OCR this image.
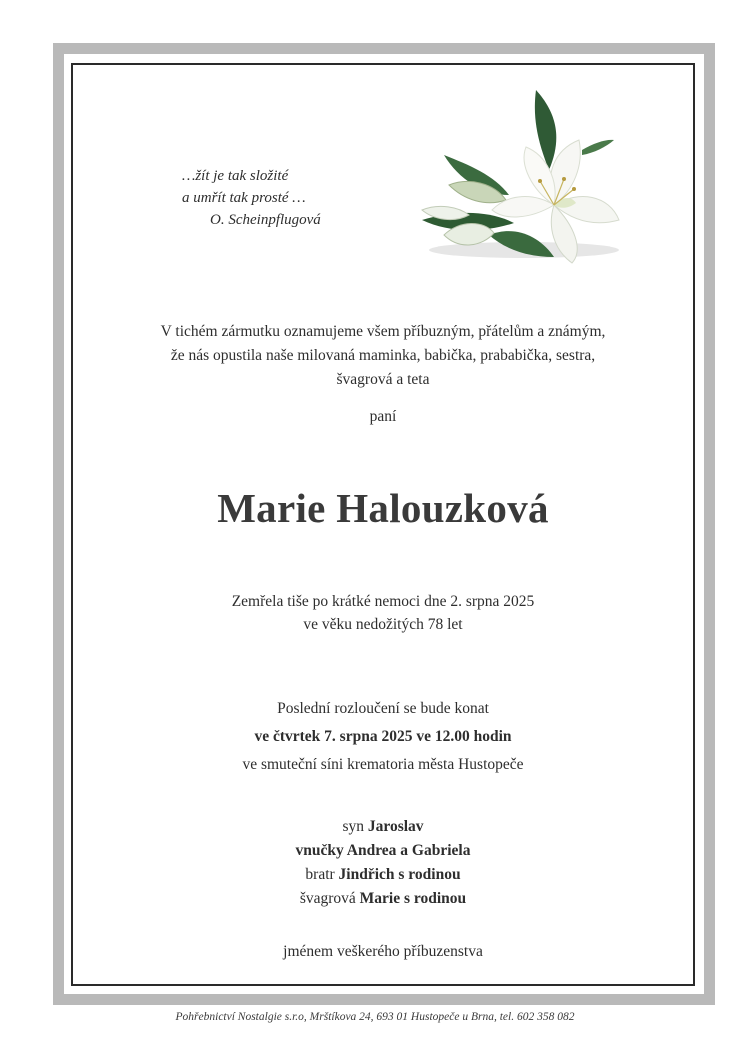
…žít je tak složité
a umřít tak prosté …
O. Scheinpflugová
V tichém zármutku oznamujeme všem příbuzným, přátelům a známým,
že nás opustila naše milovaná maminka, babička, prababička, sestra,
švagrová a teta
paní
Marie Halouzková
Zemřela tiše po krátké nemoci dne 2. srpna 2025
ve věku nedožitých 78 let
Poslední rozloučení se bude konat
ve čtvrtek 7. srpna 2025 ve 12.00 hodin
ve smuteční síni krematoria města Hustopeče
syn Jaroslav
vnučky Andrea a Gabriela
bratr Jindřich s rodinou
švagrová Marie s rodinou
jménem veškerého příbuzenstva
Pohřebnictví Nostalgie s.r.o, Mrštíkova 24, 693 01 Hustopeče u Brna, tel. 602 358 082
